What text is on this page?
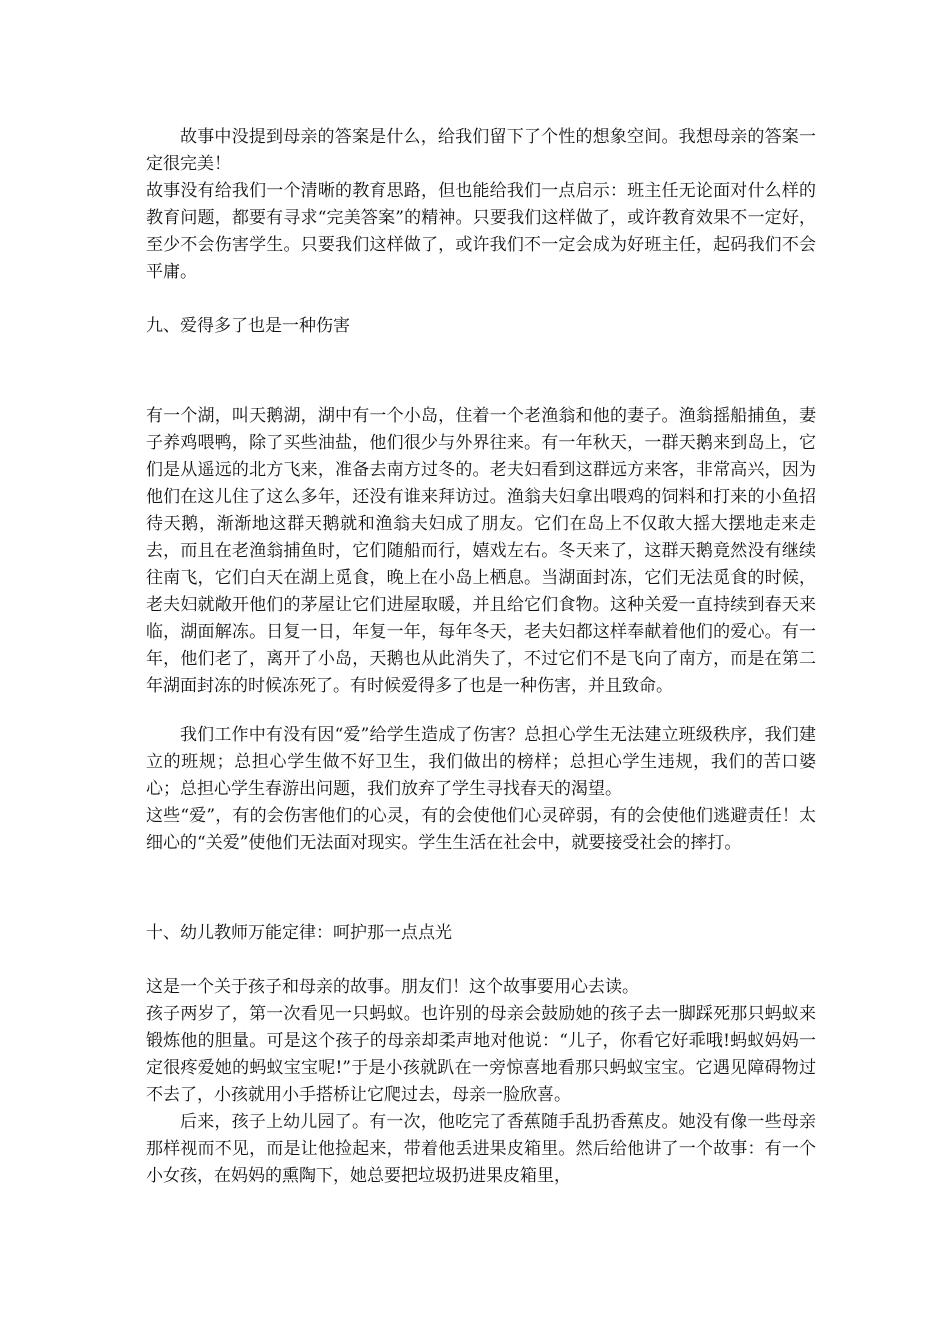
故事中没提到母亲的答案是什么，给我们留下了个性的想象空间。我想母亲的答案一定很完美！

故事没有给我们一个清晰的教育思路，但也能给我们一点启示：班主任无论面对什么样的教育问题，都要有寻求“完美答案”的精神。只要我们这样做了，或许教育效果不一定好，至少不会伤害学生。只要我们这样做了，或许我们不一定会成为好班主任，起码我们不会平庸。

九、爱得多了也是一种伤害

有一个湖，叫天鹅湖，湖中有一个小岛，住着一个老渔翁和他的妻子。渔翁摇船捕鱼，妻子养鸡喂鸭，除了买些油盐，他们很少与外界往来。有一年秋天，一群天鹅来到岛上，它们是从遥远的北方飞来，准备去南方过冬的。老夫妇看到这群远方来客，非常高兴，因为他们在这儿住了这么多年，还没有谁来拜访过。渔翁夫妇拿出喂鸡的饲料和打来的小鱼招待天鹅，渐渐地这群天鹅就和渔翁夫妇成了朋友。它们在岛上不仅敢大摇大摆地走来走去，而且在老渔翁捕鱼时，它们随船而行，嬉戏左右。冬天来了，这群天鹅竟然没有继续往南飞，它们白天在湖上觅食，晚上在小岛上栖息。当湖面封冻，它们无法觅食的时候，老夫妇就敞开他们的茅屋让它们进屋取暖，并且给它们食物。这种关爱一直持续到春天来临，湖面解冻。日复一日，年复一年，每年冬天，老夫妇都这样奉献着他们的爱心。有一年，他们老了，离开了小岛，天鹅也从此消失了，不过它们不是飞向了南方，而是在第二年湖面封冻的时候冻死了。有时候爱得多了也是一种伤害，并且致命。

我们工作中有没有因“爱”给学生造成了伤害？总担心学生无法建立班级秩序，我们建立的班规；总担心学生做不好卫生，我们做出的榜样；总担心学生违规，我们的苦口婆心；总担心学生春游出问题，我们放弃了学生寻找春天的渴望。

这些“爱”，有的会伤害他们的心灵，有的会使他们心灵碎弱，有的会使他们逃避责任！太细心的“关爱”使他们无法面对现实。学生生活在社会中，就要接受社会的摔打。

十、幼儿教师万能定律：呵护那一点点光

这是一个关于孩子和母亲的故事。朋友们！这个故事要用心去读。

孩子两岁了，第一次看见一只蚂蚁。也许别的母亲会鼓励她的孩子去一脚踩死那只蚂蚁来锻炼他的胆量。可是这个孩子的母亲却柔声地对他说：“儿子，你看它好乖哦!蚂蚁妈妈一定很疼爱她的蚂蚁宝宝呢!”于是小孩就趴在一旁惊喜地看那只蚂蚁宝宝。它遇见障碍物过不去了，小孩就用小手搭桥让它爬过去，母亲一脸欣喜。

后来，孩子上幼儿园了。有一次，他吃完了香蕉随手乱扔香蕉皮。她没有像一些母亲那样视而不见，而是让他捡起来，带着他丢进果皮箱里。然后给他讲了一个故事：有一个小女孩，在妈妈的熏陶下，她总要把垃圾扔进果皮箱里，
